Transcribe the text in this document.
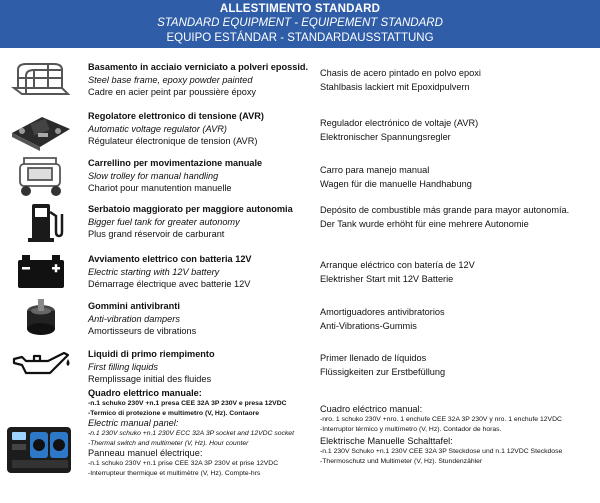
ALLESTIMENTO STANDARD
STANDARD EQUIPMENT - EQUIPEMENT STANDARD
EQUIPO ESTÁNDAR - STANDARDAUSSTATTUNG
Basamento in acciaio verniciato a polveri epossid.
Steel base frame, epoxy powder painted
Cadre en acier peint par poussière époxy
Chasis de acero pintado en polvo epoxi
Stahlbasis lackiert mit Epoxidpulvern
Regolatore elettronico di tensione (AVR)
Automatic voltage regulator (AVR)
Régulateur électronique de tension (AVR)
Regulador electrónico de voltaje (AVR)
Elektronischer Spannungsregler
Carrellino per movimentazione manuale
Slow trolley for manual handling
Chariot pour manutention manuelle
Carro para manejo manual
Wagen für die manuelle Handhabung
Serbatoio maggiorato per maggiore autonomia
Bigger fuel tank for greater autonomy
Plus grand réservoir de carburant
Depósito de combustible más grande para mayor autonomía.
Der Tank wurde erhöht für eine mehrere Autonomie
Avviamento elettrico con batteria 12V
Electric starting with 12V battery
Démarrage électrique avec batterie 12V
Arranque eléctrico con batería de 12V
Elektrisher Start mit 12V Batterie
Gommini antivibranti
Anti-vibration dampers
Amortisseurs de vibrations
Amortiguadores antivibratorios
Anti-Vibrations-Gummis
Liquidi di primo riempimento
First filling liquids
Remplissage initial des fluides
Primer llenado de líquidos
Flüssigkeiten zur Erstbefüllung
Quadro elettrico manuale:
-n.1 schuko 230V +n.1 presa CEE 32A 3P 230V e presa 12VDC
-Termico di protezione e multimetro (V, Hz). Contaore
Electric manual panel:
-n.1 230V schuko +n.1 230V ECC 32A 3P socket and 12VDC socket
-Thermal switch and multimeter (V, Hz). Hour counter
Panneau manuel électrique:
-n.1 schuko 230V +n.1 prise CEE 32A 3P 230V et prise 12VDC
-Interrupteur thermique et multimètre (V, Hz). Compte-hrs
Cuadro eléctrico manual:
-nro. 1 schuko 230V +nro. 1 enchufe CEE 32A 3P 230V y nro. 1 enchufe 12VDC
-Interruptor térmico y multímetro (V, Hz). Contador de horas.
Elektrische Manuelle Schalttafel:
-n.1 230V Schuko +n.1 230V CEE 32A 3P Steckdose und n.1 12VDC Steckdose
-Thermoschutz und Multimeter (V, Hz). Stundenzähler
